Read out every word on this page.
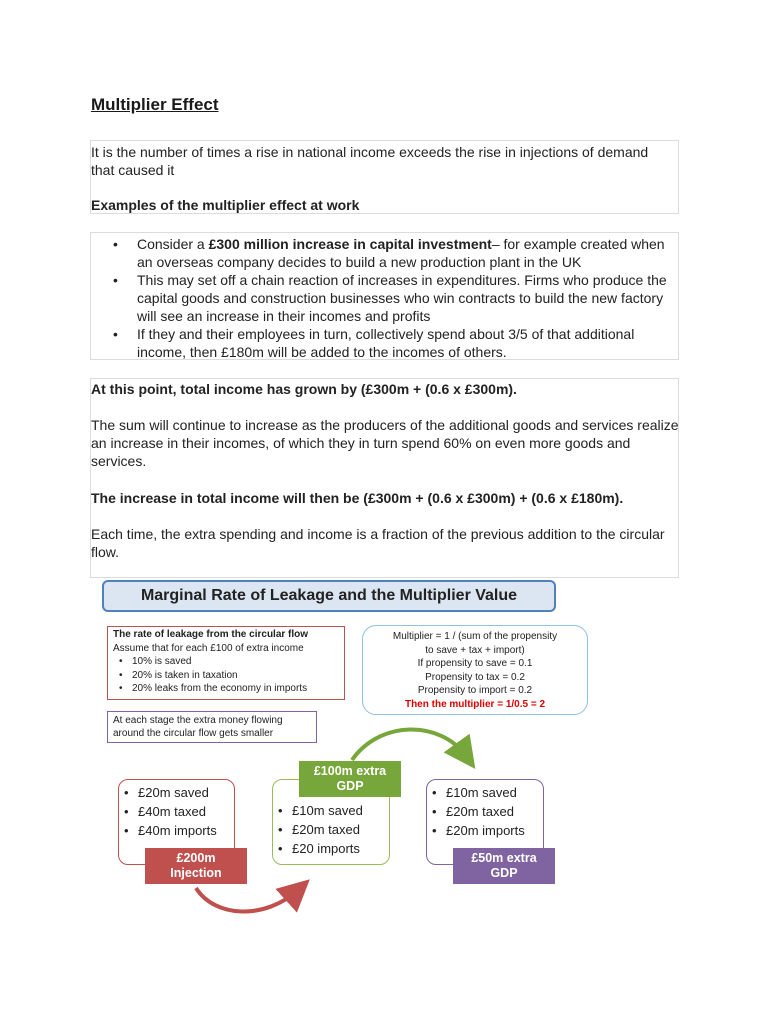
Multiplier Effect
It is the number of times a rise in national income exceeds the rise in injections of demand that caused it
Examples of the multiplier effect at work
• Consider a £300 million increase in capital investment– for example created when an overseas company decides to build a new production plant in the UK
• This may set off a chain reaction of increases in expenditures. Firms who produce the capital goods and construction businesses who win contracts to build the new factory will see an increase in their incomes and profits
• If they and their employees in turn, collectively spend about 3/5 of that additional income, then £180m will be added to the incomes of others.
At this point, total income has grown by (£300m + (0.6 x £300m).
The sum will continue to increase as the producers of the additional goods and services realize an increase in their incomes, of which they in turn spend 60% on even more goods and services.
The increase in total income will then be (£300m + (0.6 x £300m) + (0.6 x £180m).
Each time, the extra spending and income is a fraction of the previous addition to the circular flow.
Marginal Rate of Leakage and the Multiplier Value
The rate of leakage from the circular flow
Assume that for each £100 of extra income
• 10% is saved
• 20% is taken in taxation
• 20% leaks from the economy in imports
Multiplier = 1 / (sum of the propensity
to save + tax + import)
If propensity to save = 0.1
Propensity to tax = 0.2
Propensity to import = 0.2
Then the multiplier = 1/0.5 = 2
At each stage the extra money flowing around the circular flow gets smaller
• £20m saved
• £40m taxed
• £40m imports
• £10m saved
• £20m taxed
• £20 imports
• £10m saved
• £20m taxed
• £20m imports
£200m Injection
£100m extra GDP
£50m extra GDP
